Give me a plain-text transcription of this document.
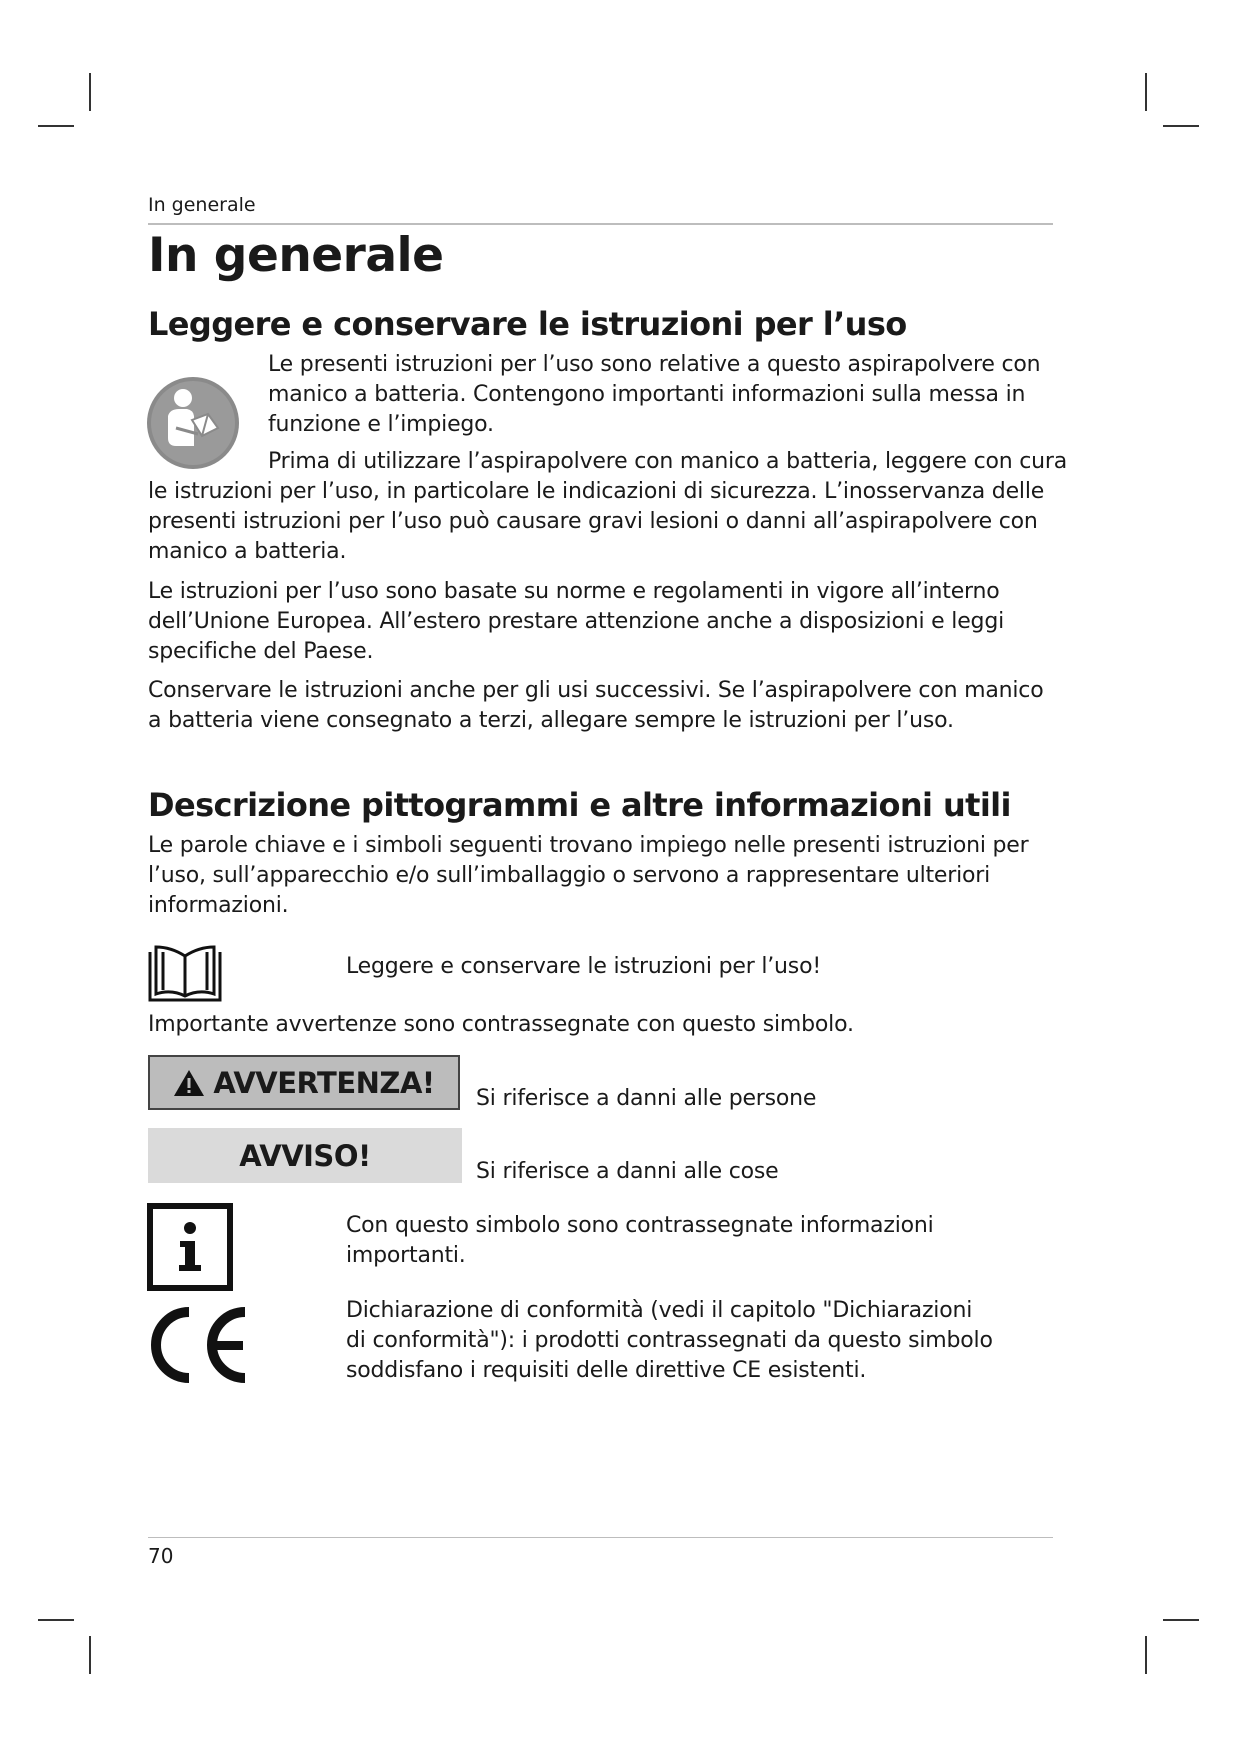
In generale
In generale
Leggere e conservare le istruzioni per l’uso

Le presenti istruzioni per l’uso sono relative a questo aspirapolvere con manico a batteria. Contengono importanti informazioni sulla messa in funzione e l’impiego.

Prima di utilizzare l’aspirapolvere con manico a batteria, leggere con cura

le istruzioni per l’uso, in particolare le indicazioni di sicurezza. L’inosservanza delle presenti istruzioni per l’uso può causare gravi lesioni o danni all’aspirapolvere con manico a batteria.

Le istruzioni per l’uso sono basate su norme e regolamenti in vigore all’interno dell’Unione Europea. All’estero prestare attenzione anche a disposizioni e leggi specifiche del Paese.

Conservare le istruzioni anche per gli usi successivi. Se l’aspirapolvere con manico a batteria viene consegnato a terzi, allegare sempre le istruzioni per l’uso.

Descrizione pittogrammi e altre informazioni utili

Le parole chiave e i simboli seguenti trovano impiego nelle presenti istruzioni per l’uso, sull’apparecchio e/o sull’imballaggio o servono a rappresentare ulteriori informazioni.

Leggere e conservare le istruzioni per l’uso!

Importante avvertenze sono contrassegnate con questo simbolo.

AVVERTENZA! Si riferisce a danni alle persone

AVVISO!	Si riferisce a danni alle cose

Con questo simbolo sono contrassegnate informazioni importanti.

Dichiarazione di conformità (vedi il capitolo "Dichiarazioni

di conformità"): i prodotti contrassegnati da questo simbolo

soddisfano i requisiti delle direttive CE esistenti.

70
